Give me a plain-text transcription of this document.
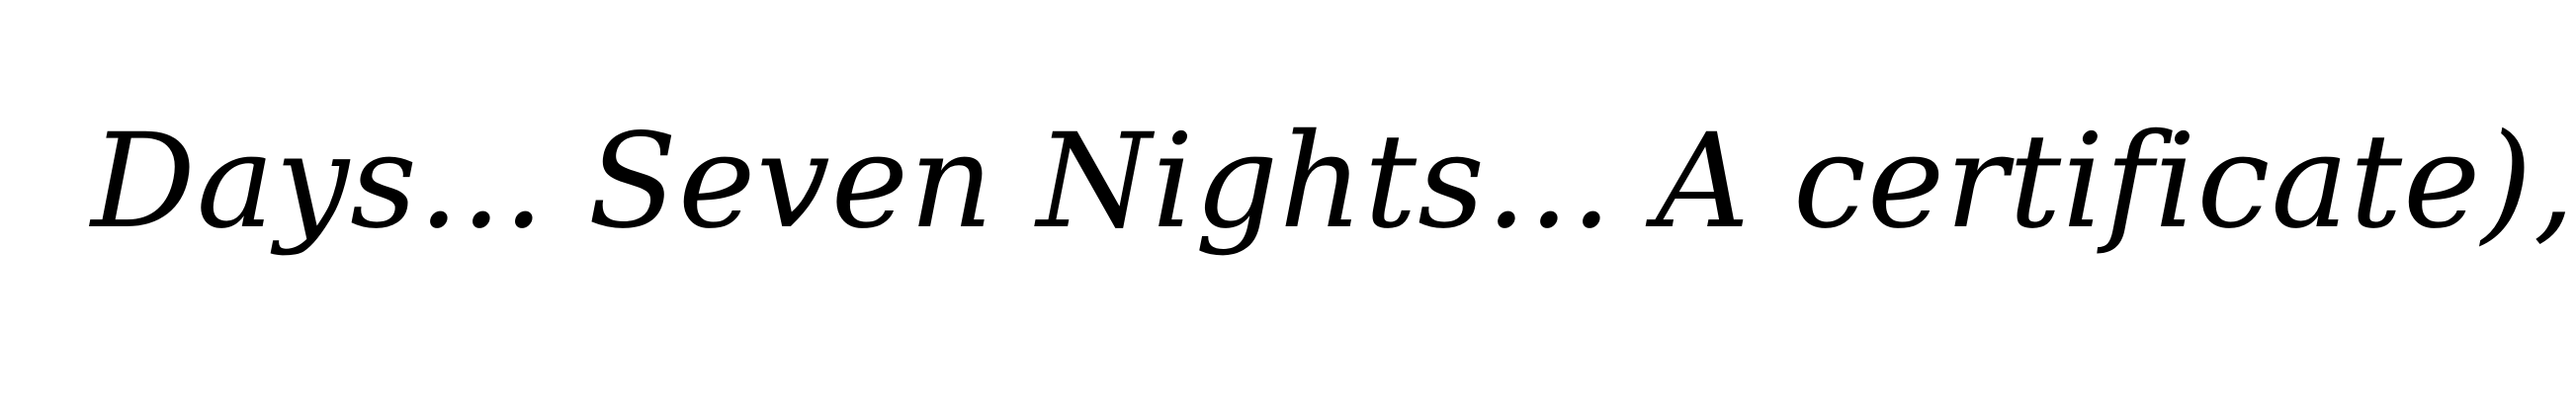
Days... Seven Nights... A certificate),
